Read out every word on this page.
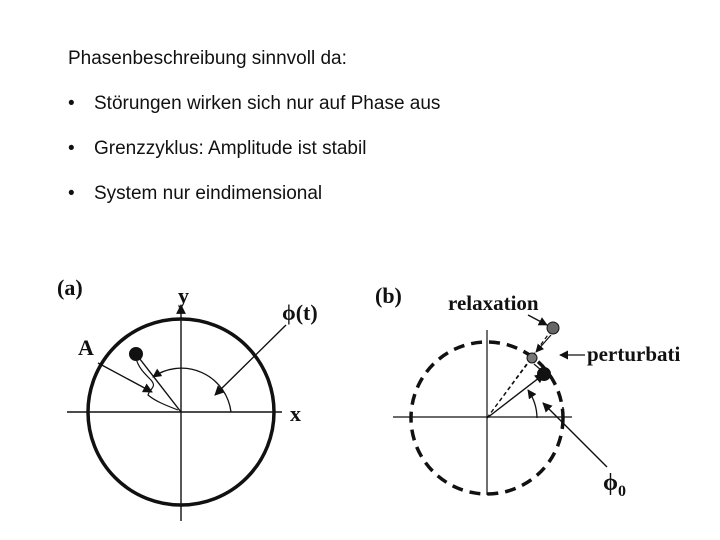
Phasenbeschreibung sinnvoll da:
• Störungen wirken sich nur auf Phase aus
• Grenzzyklus: Amplitude ist stabil
• System nur eindimensional
(a)	y
x
A
ϕ(t)
(b) relaxation
perturbati
$\phi_0$
